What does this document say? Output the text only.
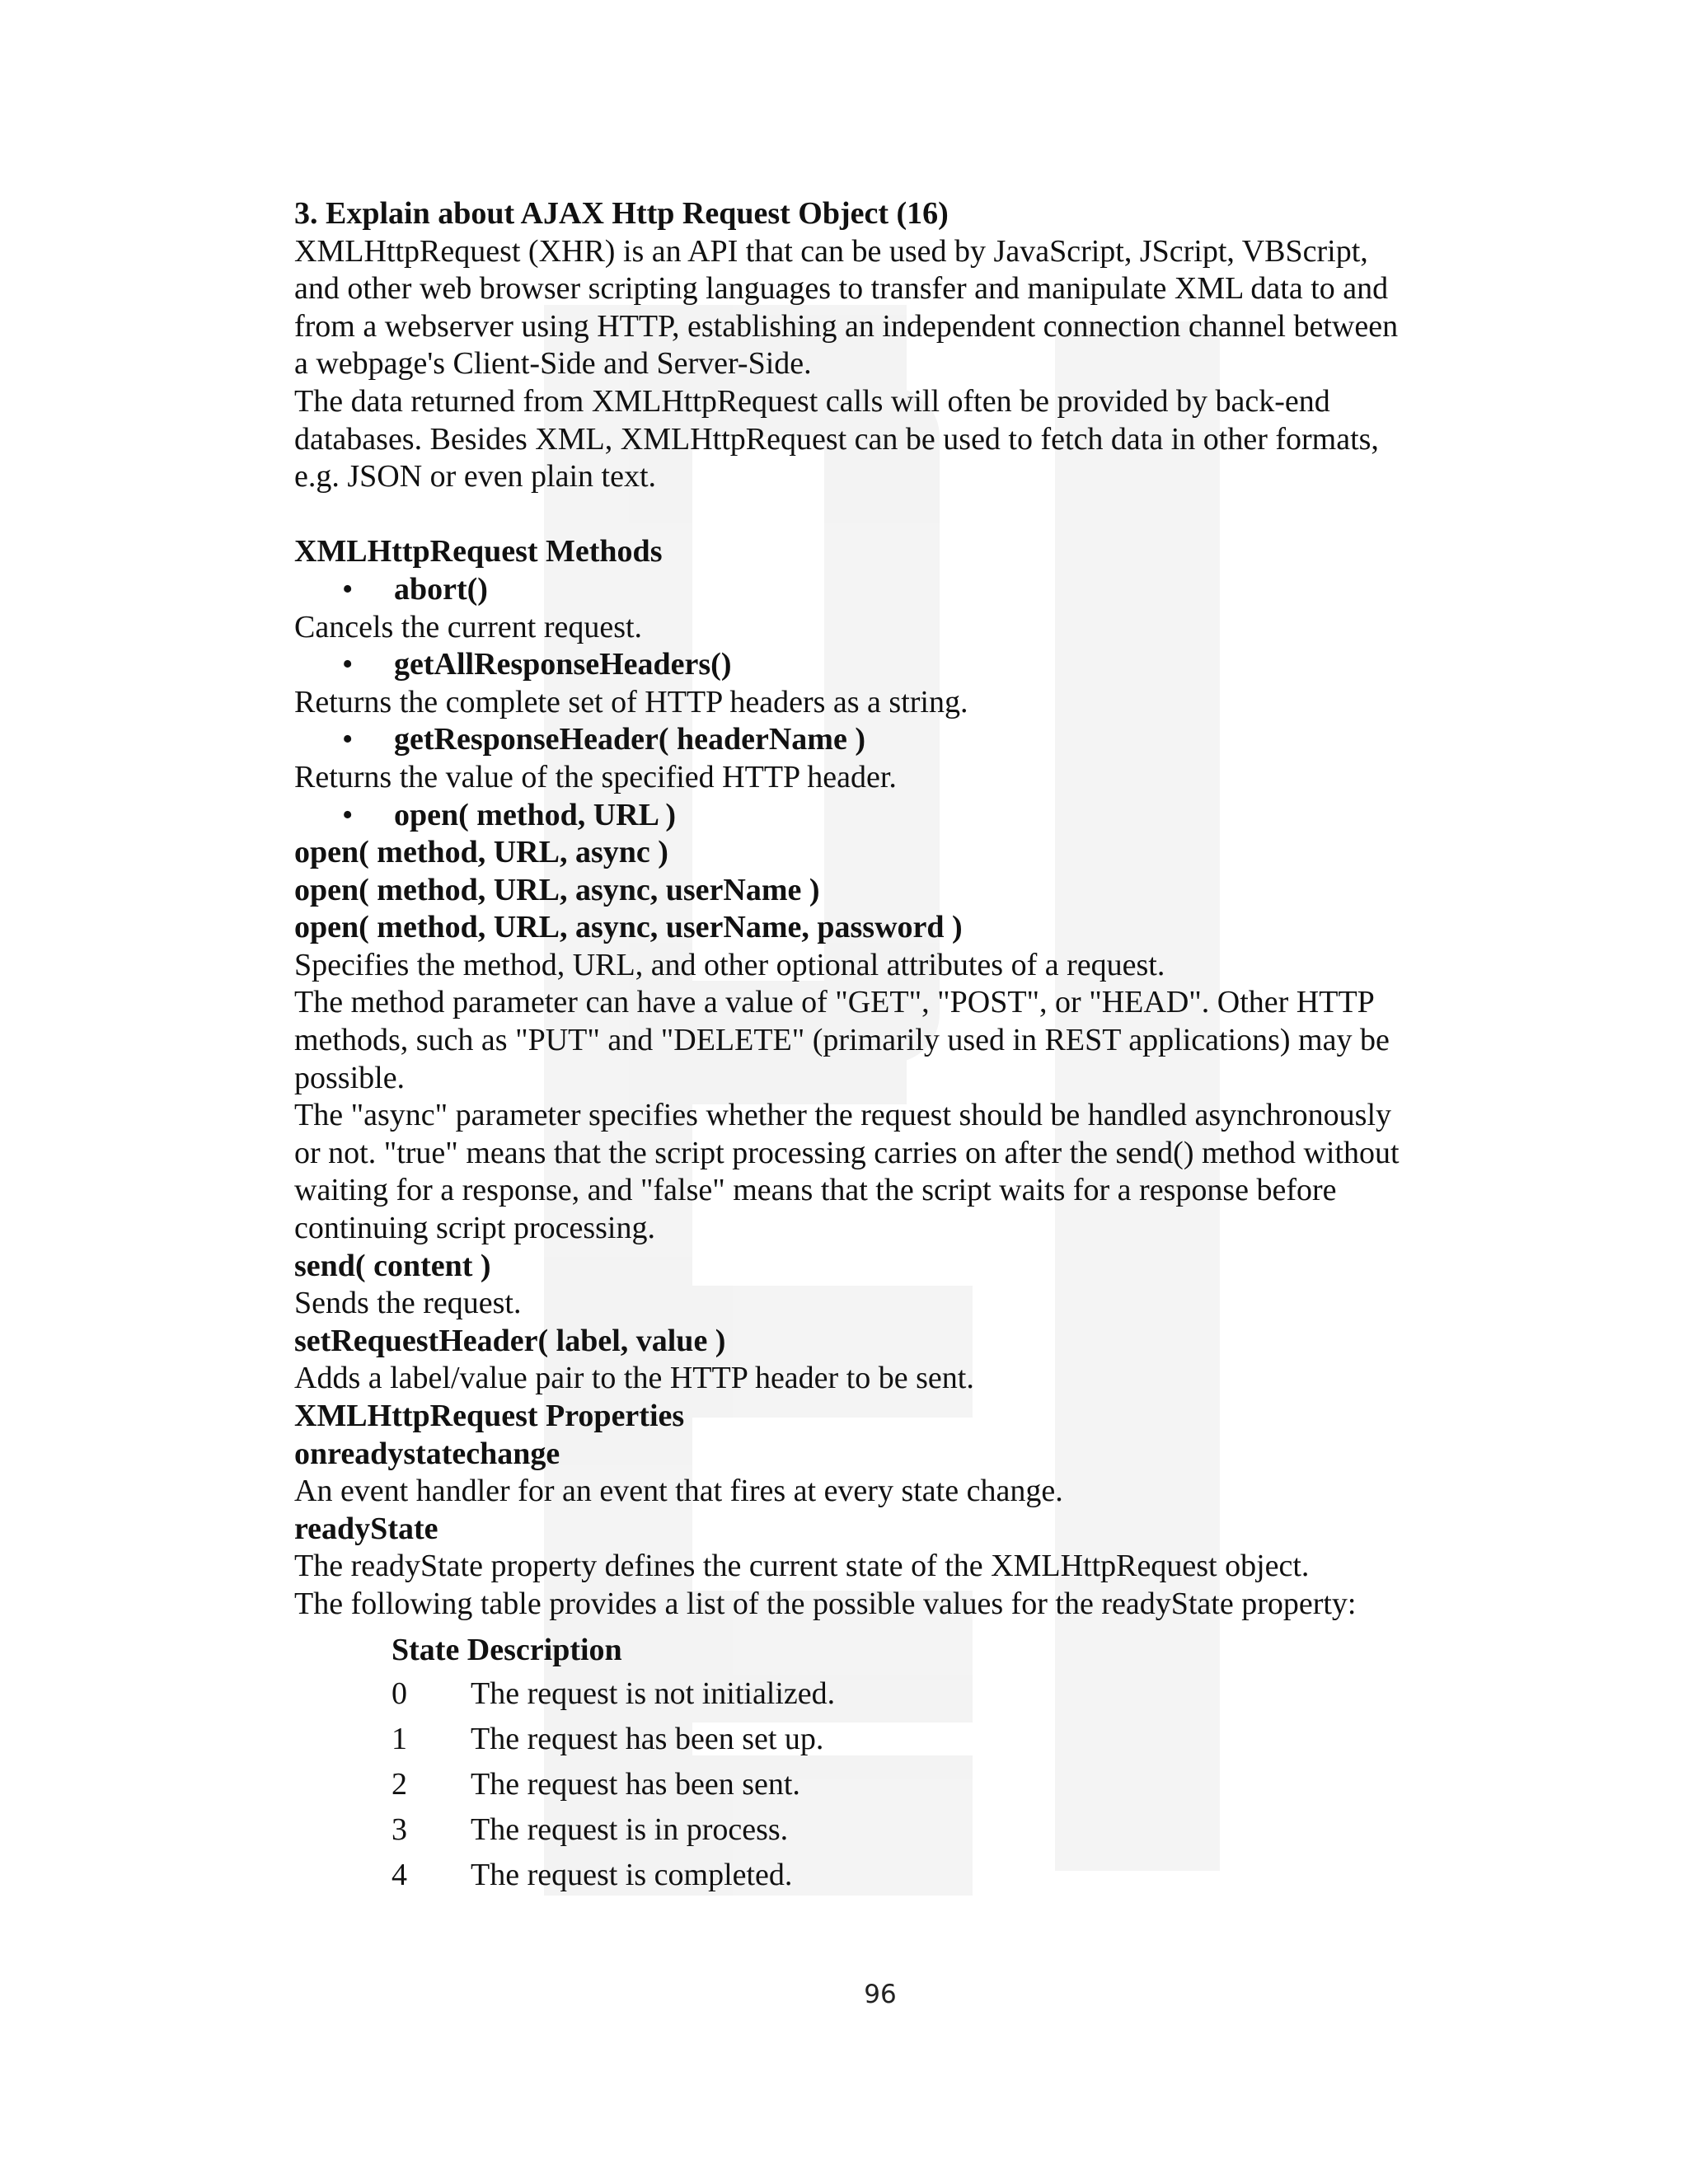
3. Explain about AJAX Http Request Object (16)
XMLHttpRequest (XHR) is an API that can be used by JavaScript, JScript, VBScript,
and other web browser scripting languages to transfer and manipulate XML data to and
from a webserver using HTTP, establishing an independent connection channel between
a webpage's Client-Side and Server-Side.
The data returned from XMLHttpRequest calls will often be provided by back-end
databases. Besides XML, XMLHttpRequest can be used to fetch data in other formats,
e.g. JSON or even plain text.
XMLHttpRequest Methods
•	abort()
Cancels the current request.
•	getAllResponseHeaders()
Returns the complete set of HTTP headers as a string.
•	getResponseHeader( headerName )
Returns the value of the specified HTTP header.
•	open( method, URL )
open( method, URL, async )
open( method, URL, async, userName )
open( method, URL, async, userName, password )
Specifies the method, URL, and other optional attributes of a request.
The method parameter can have a value of "GET", "POST", or "HEAD". Other HTTP
methods, such as "PUT" and "DELETE" (primarily used in REST applications) may be
possible.
The "async" parameter specifies whether the request should be handled asynchronously
or not. "true" means that the script processing carries on after the send() method without
waiting for a response, and "false" means that the script waits for a response before
continuing script processing.
send( content )
Sends the request.
setRequestHeader( label, value )
Adds a label/value pair to the HTTP header to be sent.
XMLHttpRequest Properties
onreadystatechange
An event handler for an event that fires at every state change.
readyState
The readyState property defines the current state of the XMLHttpRequest object.
The following table provides a list of the possible values for the readyState property:
State Description
0	The request is not initialized.
1	The request has been set up.
2	The request has been sent.
3	The request is in process.
4	The request is completed.
96
